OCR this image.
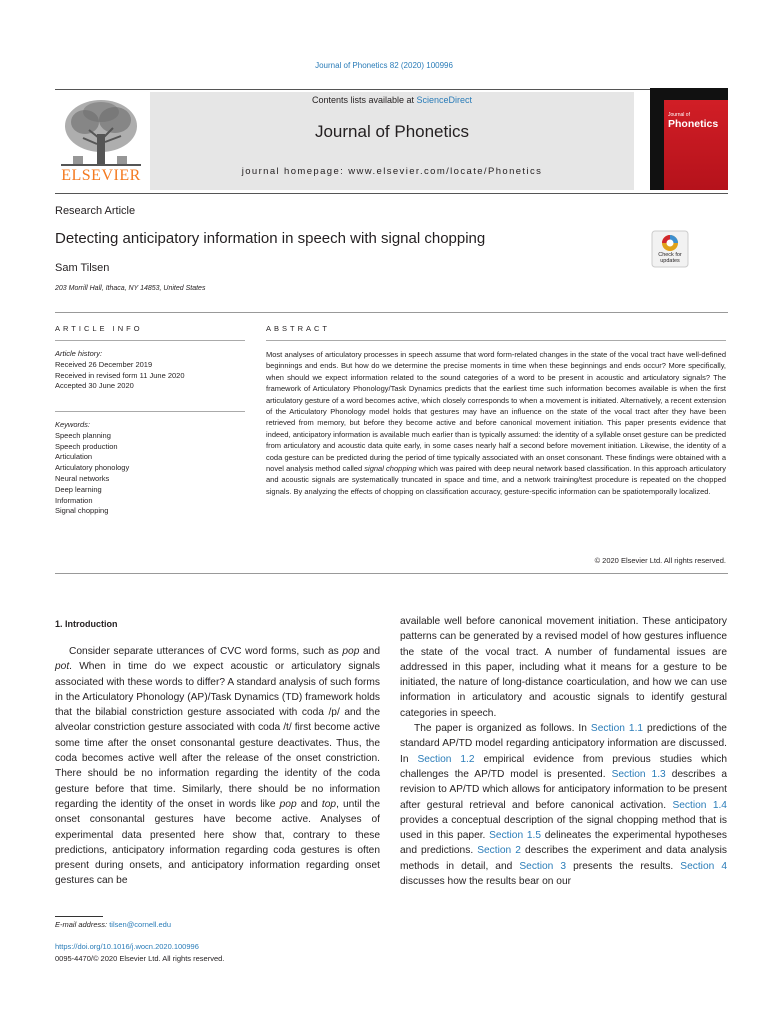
Journal of Phonetics 82 (2020) 100996
ELSEVIER
Contents lists available at ScienceDirect
Journal of Phonetics
journal homepage: www.elsevier.com/locate/Phonetics
Journal of
Phonetics
Research Article
Detecting anticipatory information in speech with signal chopping
Sam Tilsen
203 Morrill Hall, Ithaca, NY 14853, United States
Check for
updates
ARTICLE INFO	ABSTRACT
Article history:
Received 26 December 2019
Received in revised form 11 June 2020
Accepted 30 June 2020
Keywords:
Speech planning
Speech production
Articulation
Articulatory phonology
Neural networks
Deep learning
Information
Signal chopping
Most analyses of articulatory processes in speech assume that word form-related changes in the state of the vocal tract have well-defined beginnings and ends. But how do we determine the precise moments in time when these beginnings and ends occur? More specifically, when should we expect information related to the sound categories of a word to be present in acoustic and articulatory signals? The framework of Articulatory Phonology/Task Dynamics predicts that the earliest time such information becomes available is when the first articulatory gesture of a word becomes active, which closely corresponds to when a movement is initiated. Alternatively, a recent extension of the Articulatory Phonology model holds that gestures may have an influence on the state of the vocal tract after they have been retrieved from memory, but before they become active and before canonical movement initiation. This paper presents evidence that indeed, anticipatory information is available much earlier than is typically assumed: the identity of a syllable onset gesture can be predicted from articulatory and acoustic data quite early, in some cases nearly half a second before movement initiation. Likewise, the identity of a coda gesture can be predicted during the period of time typically associated with an onset consonant. These findings were obtained with a novel analysis method called signal chopping which was paired with deep neural network based classification. In this approach articulatory and acoustic signals are systematically truncated in space and time, and a network training/test procedure is repeated on the chopped signals. By analyzing the effects of chopping on classification accuracy, gesture-specific information can be spatiotemporally localized.
© 2020 Elsevier Ltd. All rights reserved.
1. Introduction

Consider separate utterances of CVC word forms, such as pop and pot. When in time do we expect acoustic or articulatory signals associated with these words to differ? A standard analysis of such forms in the Articulatory Phonology (AP)/Task Dynamics (TD) framework holds that the bilabial constriction gesture associated with coda /p/ and the alveolar constriction gesture associated with coda /t/ first become active some time after the onset consonantal gesture deactivates. Thus, the coda becomes active well after the release of the onset constriction. There should be no information regarding the identity of the coda gesture before that time. Similarly, there should be no information regarding the identity of the onset in words like pop and top, until the onset consonantal gestures have become active. Analyses of experimental data presented here show that, contrary to these predictions, anticipatory information regarding coda gestures is often present during onsets, and anticipatory information regarding onset gestures can be

available well before canonical movement initiation. These anticipatory patterns can be generated by a revised model of how gestures influence the state of the vocal tract. A number of fundamental issues are addressed in this paper, including what it means for a gesture to be initiated, the nature of long-distance coarticulation, and how we can use information in articulatory and acoustic signals to identify gestural categories in speech.

The paper is organized as follows. In Section 1.1 predictions of the standard AP/TD model regarding anticipatory information are discussed. In Section 1.2 empirical evidence from previous studies which challenges the AP/TD model is presented. Section 1.3 describes a revision to AP/TD which allows for anticipatory information to be present after gestural retrieval and before canonical activation. Section 1.4 provides a conceptual description of the signal chopping method that is used in this paper. Section 1.5 delineates the experimental hypotheses and predictions. Section 2 describes the experiment and data analysis methods in detail, and Section 3 presents the results. Section 4 discusses how the results bear on our

E-mail address: tilsen@cornell.edu
https://doi.org/10.1016/j.wocn.2020.100996
0095-4470/© 2020 Elsevier Ltd. All rights reserved.
